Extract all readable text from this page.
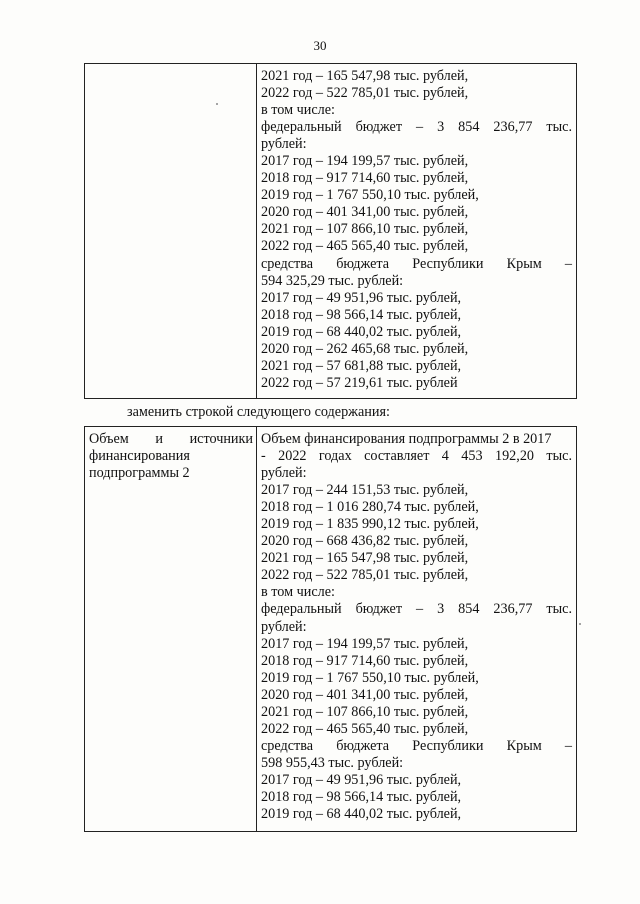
30

2021 год – 165 547,98 тыс. рублей,
2022 год – 522 785,01 тыс. рублей,
в том числе:
федеральный бюджет – 3 854 236,77 тыс.
рублей:
2017 год – 194 199,57 тыс. рублей,
2018 год – 917 714,60 тыс. рублей,
2019 год – 1 767 550,10 тыс. рублей,
2020 год – 401 341,00 тыс. рублей,
2021 год – 107 866,10 тыс. рублей,
2022 год – 465 565,40 тыс. рублей,
средства бюджета Республики Крым –
594 325,29 тыс. рублей:
2017 год – 49 951,96 тыс. рублей,
2018 год – 98 566,14 тыс. рублей,
2019 год – 68 440,02 тыс. рублей,
2020 год – 262 465,68 тыс. рублей,
2021 год – 57 681,88 тыс. рублей,
2022 год – 57 219,61 тыс. рублей
заменить строкой следующего содержания:
Объем и источники
финансирования
подпрограммы 2

Объем финансирования подпрограммы 2 в 2017
- 2022 годах составляет 4 453 192,20 тыс.
рублей:
2017 год – 244 151,53 тыс. рублей,
2018 год – 1 016 280,74 тыс. рублей,
2019 год – 1 835 990,12 тыс. рублей,
2020 год – 668 436,82 тыс. рублей,
2021 год – 165 547,98 тыс. рублей,
2022 год – 522 785,01 тыс. рублей,
в том числе:
федеральный бюджет – 3 854 236,77 тыс.
рублей:
2017 год – 194 199,57 тыс. рублей,
2018 год – 917 714,60 тыс. рублей,
2019 год – 1 767 550,10 тыс. рублей,
2020 год – 401 341,00 тыс. рублей,
2021 год – 107 866,10 тыс. рублей,
2022 год – 465 565,40 тыс. рублей,
средства бюджета Республики Крым –
598 955,43 тыс. рублей:
2017 год – 49 951,96 тыс. рублей,
2018 год – 98 566,14 тыс. рублей,
2019 год – 68 440,02 тыс. рублей,
